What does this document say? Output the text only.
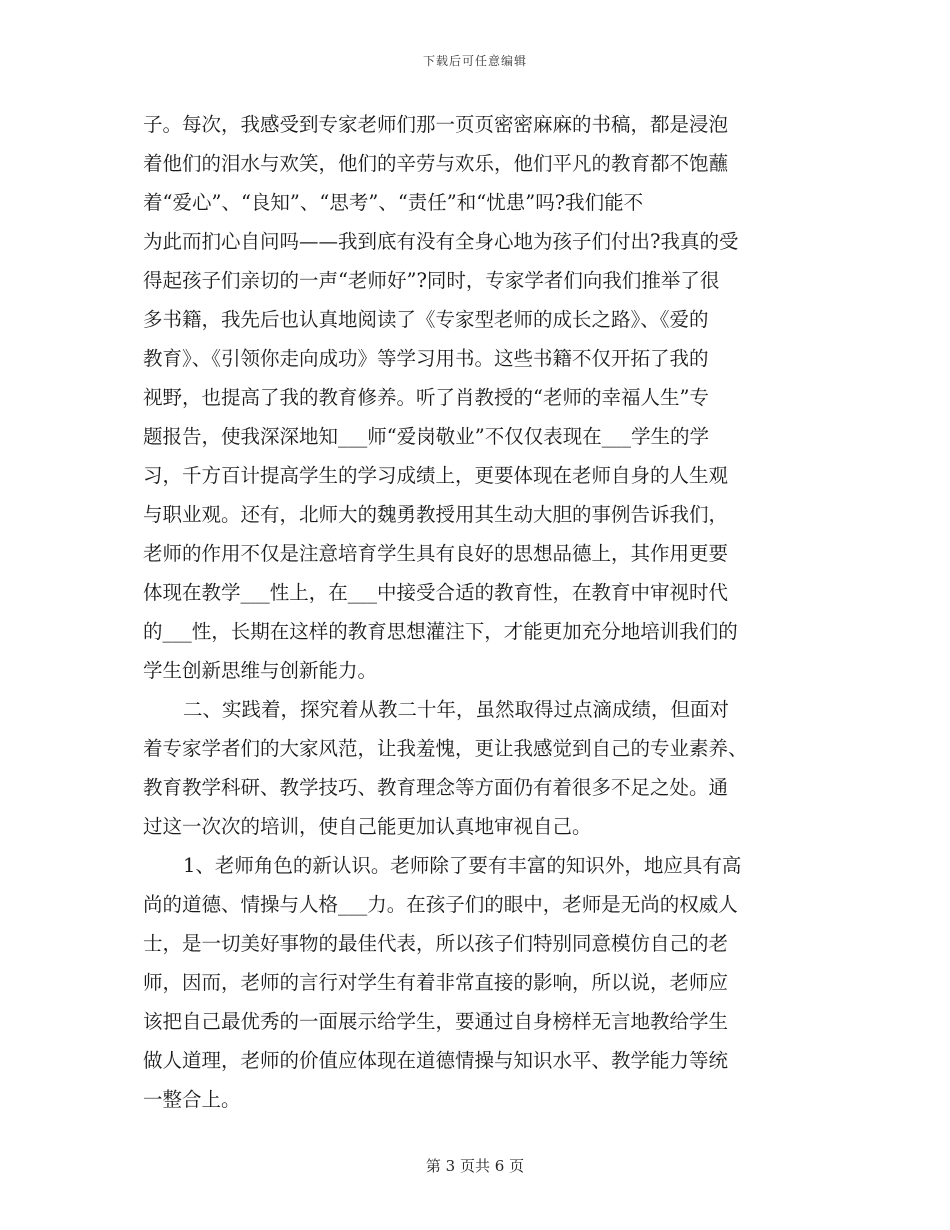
下载后可任意编辑
子。每次，我感受到专家老师们那一页页密密麻麻的书稿，都是浸泡
着他们的泪水与欢笑，他们的辛劳与欢乐，他们平凡的教育都不饱蘸
着“爱心”、“良知”、“思考”、“责任”和“忧患”吗?我们能不
为此而扪心自问吗——我到底有没有全身心地为孩子们付出?我真的受
得起孩子们亲切的一声“老师好”?同时，专家学者们向我们推举了很
多书籍，我先后也认真地阅读了《专家型老师的成长之路》、《爱的
教育》、《引领你走向成功》等学习用书。这些书籍不仅开拓了我的
视野，也提高了我的教育修养。听了肖教授的“老师的幸福人生”专
题报告，使我深深地知___师“爱岗敬业”不仅仅表现在___学生的学
习，千方百计提高学生的学习成绩上，更要体现在老师自身的人生观
与职业观。还有，北师大的魏勇教授用其生动大胆的事例告诉我们，
老师的作用不仅是注意培育学生具有良好的思想品德上，其作用更要
体现在教学___性上，在___中接受合适的教育性，在教育中审视时代
的___性，长期在这样的教育思想灌注下，才能更加充分地培训我们的
学生创新思维与创新能力。
二、实践着，探究着从教二十年，虽然取得过点滴成绩，但面对
着专家学者们的大家风范，让我羞愧，更让我感觉到自己的专业素养、
教育教学科研、教学技巧、教育理念等方面仍有着很多不足之处。通
过这一次次的培训，使自己能更加认真地审视自己。
1、老师角色的新认识。老师除了要有丰富的知识外，地应具有高
尚的道德、情操与人格___力。在孩子们的眼中，老师是无尚的权威人
士，是一切美好事物的最佳代表，所以孩子们特别同意模仿自己的老
师，因而，老师的言行对学生有着非常直接的影响，所以说，老师应
该把自己最优秀的一面展示给学生，要通过自身榜样无言地教给学生
做人道理，老师的价值应体现在道德情操与知识水平、教学能力等统
一整合上。
第 3 页共 6 页
